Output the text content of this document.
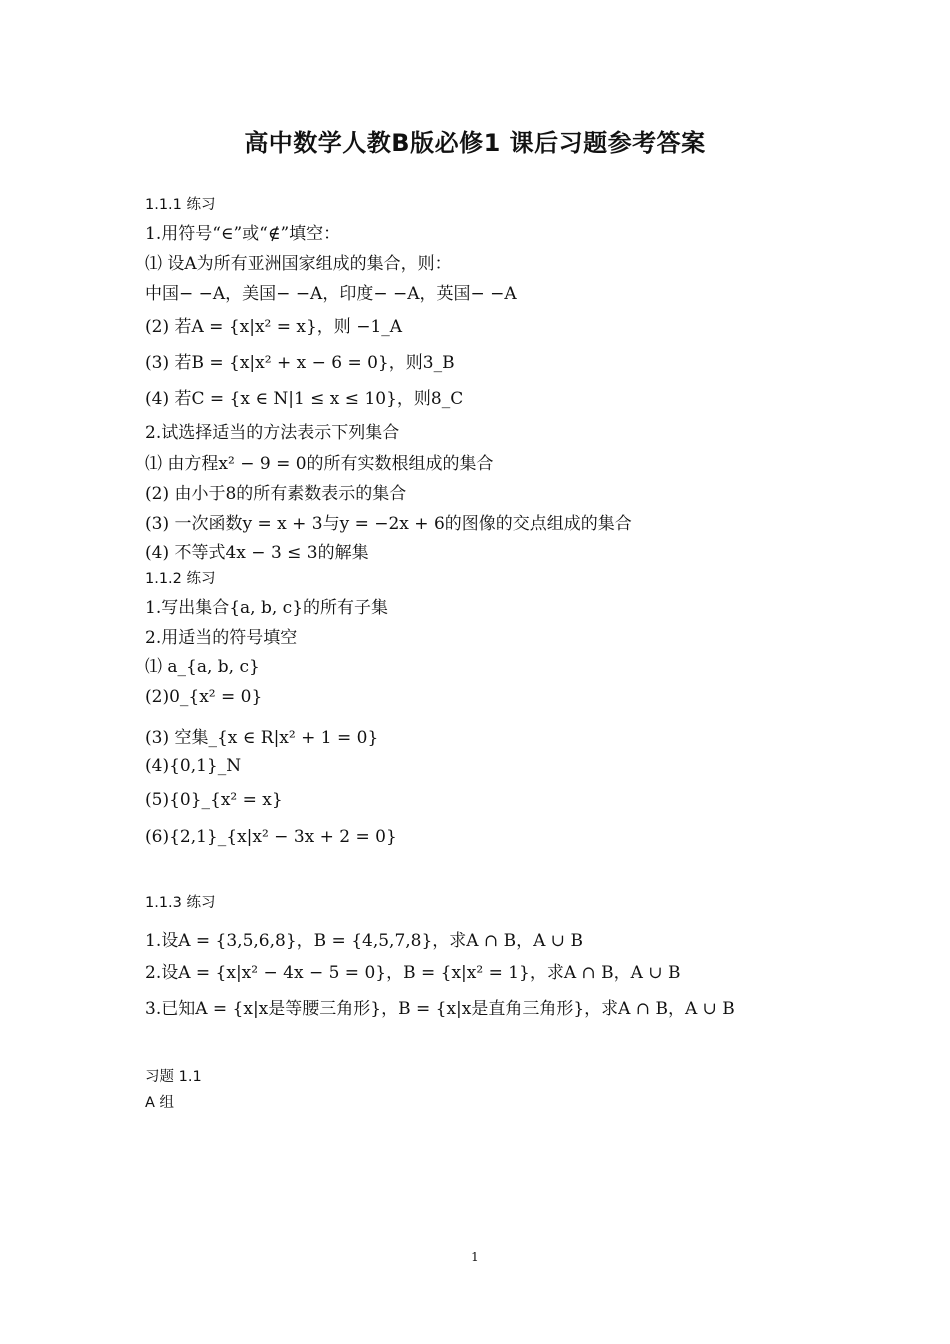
高中数学人教B版必修1 课后习题参考答案
1.1.1 练习
1.用符号“∈”或“∉”填空：
⑴ 设A为所有亚洲国家组成的集合，则：
中国− −A，美国− −A，印度− −A，英国− −A
(2) 若A = {x|x² = x}，则 −1_A
(3) 若B = {x|x² + x − 6 = 0}，则3_B
(4) 若C = {x ∈ N|1 ≤ x ≤ 10}，则8_C
2.试选择适当的方法表示下列集合
⑴ 由方程x² − 9 = 0的所有实数根组成的集合
(2) 由小于8的所有素数表示的集合
(3) 一次函数y = x + 3与y = −2x + 6的图像的交点组成的集合
(4) 不等式4x − 3 ≤ 3的解集
1.1.2 练习
1.写出集合{a, b, c}的所有子集
2.用适当的符号填空
⑴ a_{a, b, c}
(2)0_{x² = 0}
(3) 空集_{x ∈ R|x² + 1 = 0}
(4){0,1}_N
(5){0}_{x² = x}
(6){2,1}_{x|x² − 3x + 2 = 0}
1.1.3 练习
1.设A = {3,5,6,8}，B = {4,5,7,8}，求A ∩ B，A ∪ B
2.设A = {x|x² − 4x − 5 = 0}，B = {x|x² = 1}，求A ∩ B，A ∪ B
3.已知A = {x|x是等腰三角形}，B = {x|x是直角三角形}，求A ∩ B，A ∪ B
习题 1.1
A 组
1
